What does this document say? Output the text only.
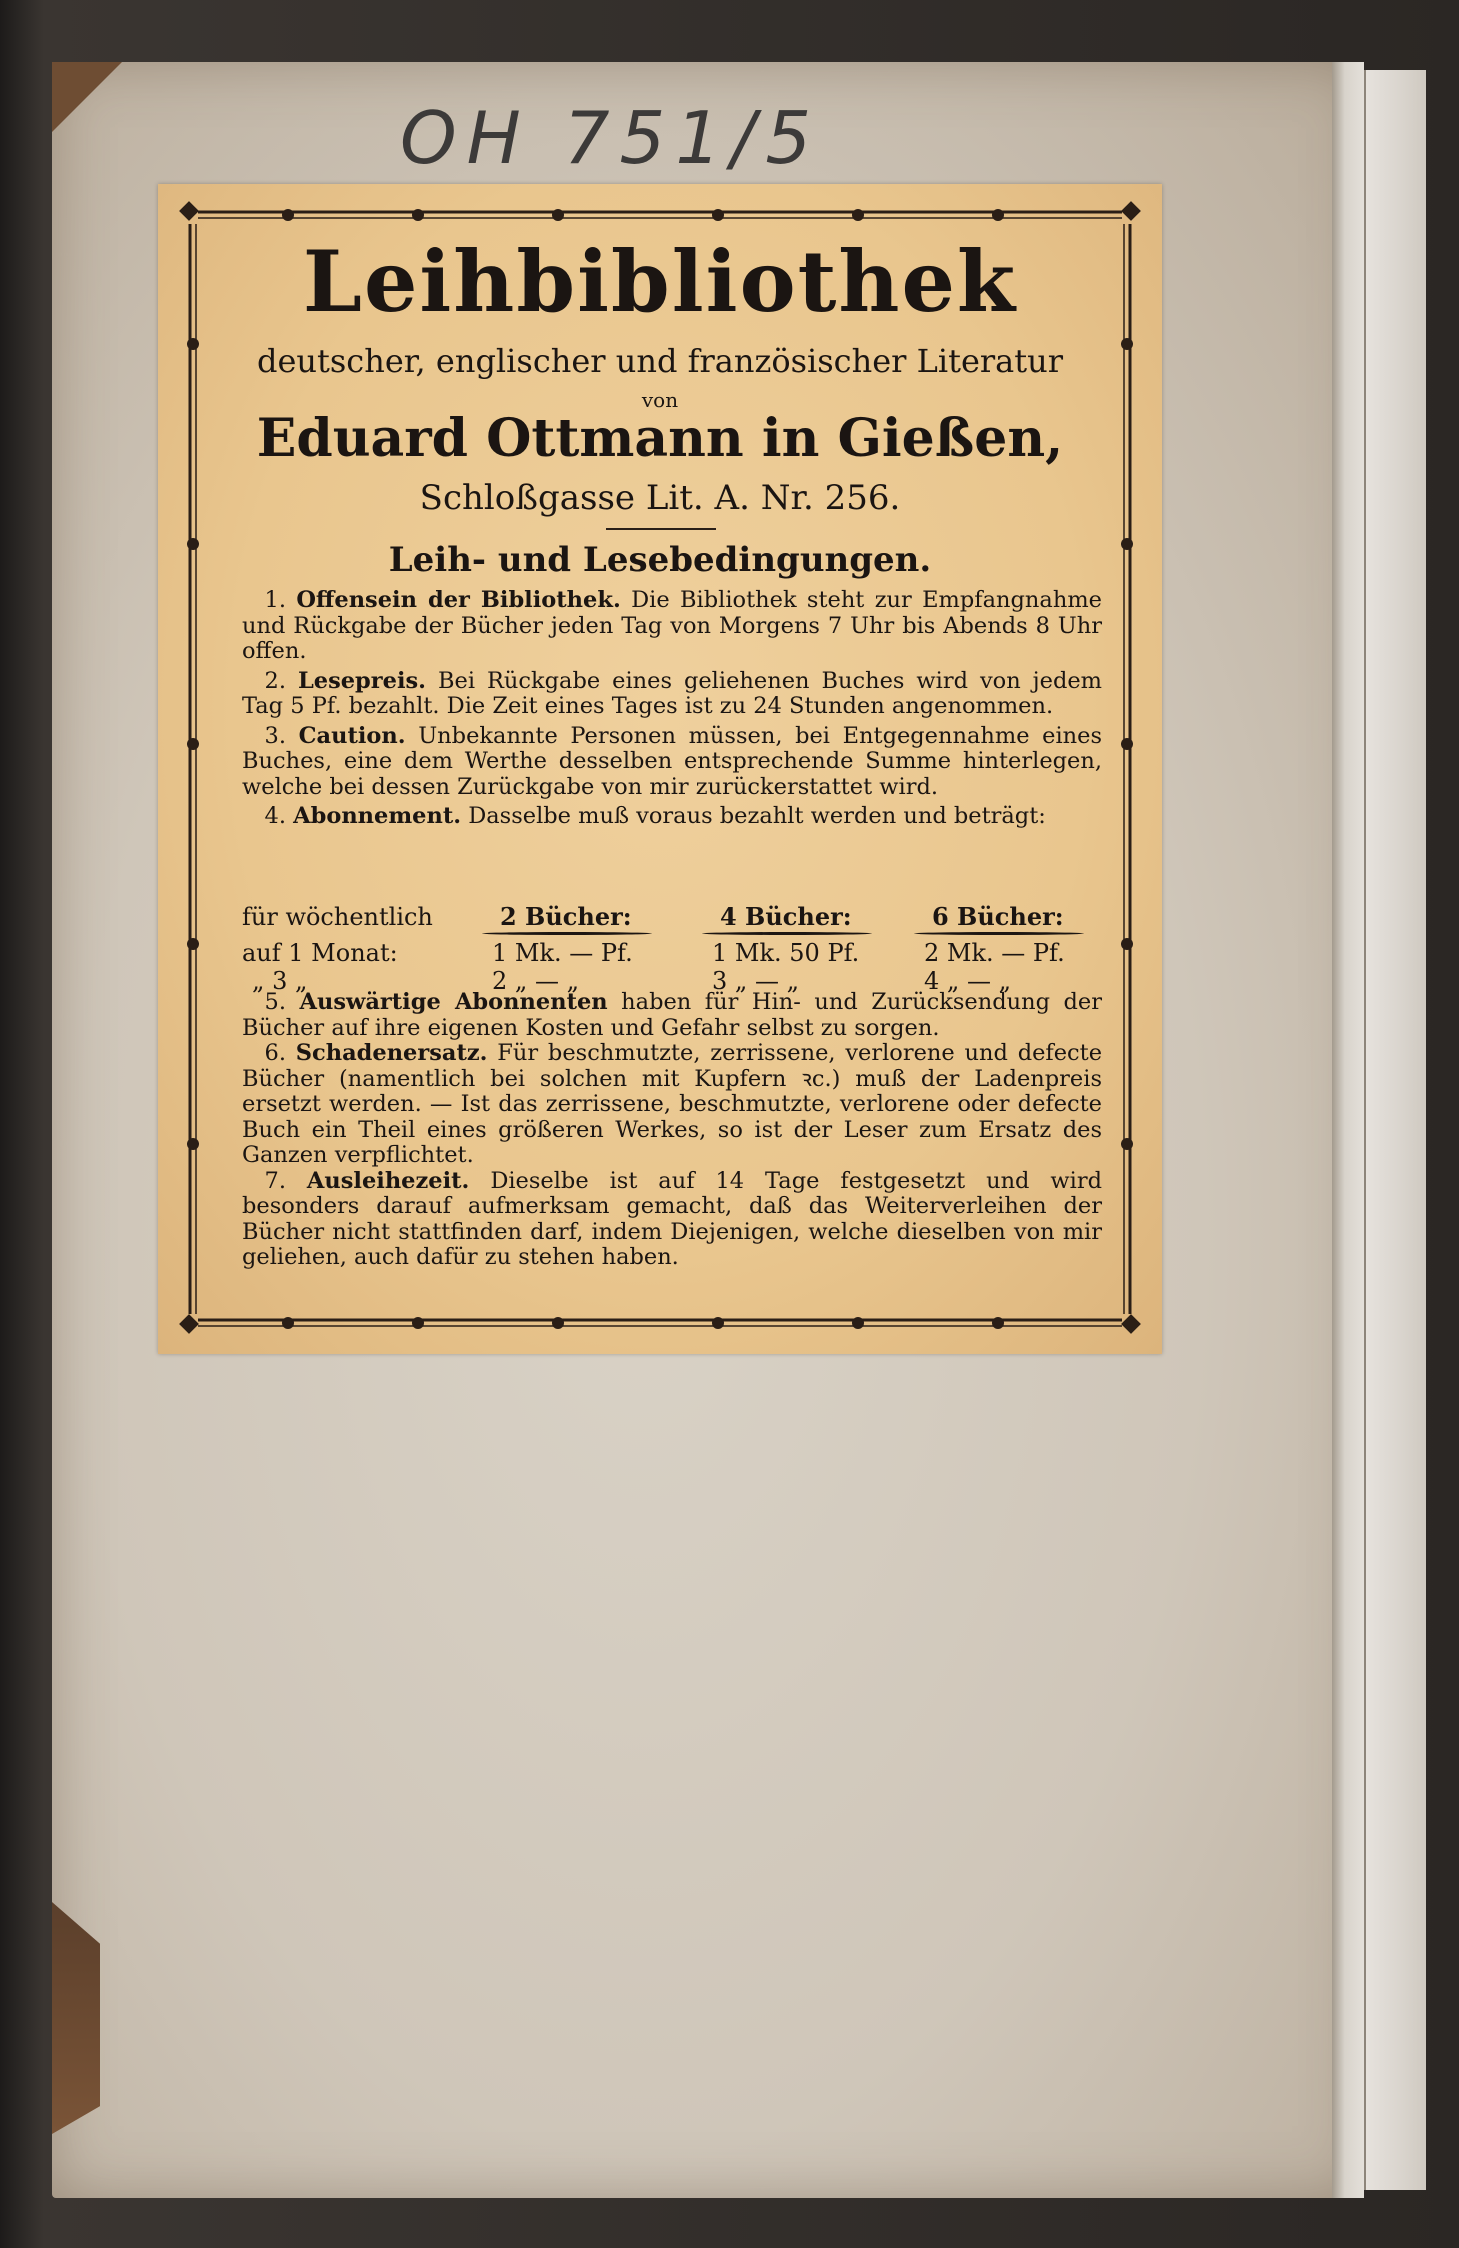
OH 751/5
Leihbibliothek
deutscher, englischer und französischer Literatur
von
Eduard Ottmann in Gießen,
Schloßgasse Lit. A. Nr. 256.
Leih- und Lesebedingungen.
 1. Offensein der Bibliothek. Die Bibliothek steht zur Empfangnahme und Rückgabe der Bücher jeden Tag von Morgens 7 Uhr bis Abends 8 Uhr offen.
 2. Lesepreis. Bei Rückgabe eines geliehenen Buches wird von jedem Tag 5 Pf. bezahlt. Die Zeit eines Tages ist zu 24 Stunden angenommen.
 3. Caution. Unbekannte Personen müssen, bei Entgegennahme eines Buches, eine dem Werthe desselben entsprechende Summe hinterlegen, welche bei dessen Zurückgabe von mir zurückerstattet wird.
 4. Abonnement. Dasselbe muß voraus bezahlt werden und beträgt:
für wöchentlich	2 Bücher:	4 Bücher:	6 Bücher:
auf 1 Monat:	1 Mk. — Pf.	1 Mk. 50 Pf.	2 Mk. — Pf.
„ 3 „	2 „ — „	3 „ — „	4 „ — „
 5. Auswärtige Abonnenten haben für Hin- und Zurücksendung der Bücher auf ihre eigenen Kosten und Gefahr selbst zu sorgen.
 6. Schadenersatz. Für beschmutzte, zerrissene, verlorene und defecte Bücher (namentlich bei solchen mit Kupfern ꝛc.) muß der Ladenpreis ersetzt werden. — Ist das zerrissene, beschmutzte, verlorene oder defecte Buch ein Theil eines größeren Werkes, so ist der Leser zum Ersatz des Ganzen verpflichtet.
 7. Ausleihezeit. Dieselbe ist auf 14 Tage festgesetzt und wird besonders darauf aufmerksam gemacht, daß das Weiterverleihen der Bücher nicht stattfinden darf, indem Diejenigen, welche dieselben von mir geliehen, auch dafür zu stehen haben.
